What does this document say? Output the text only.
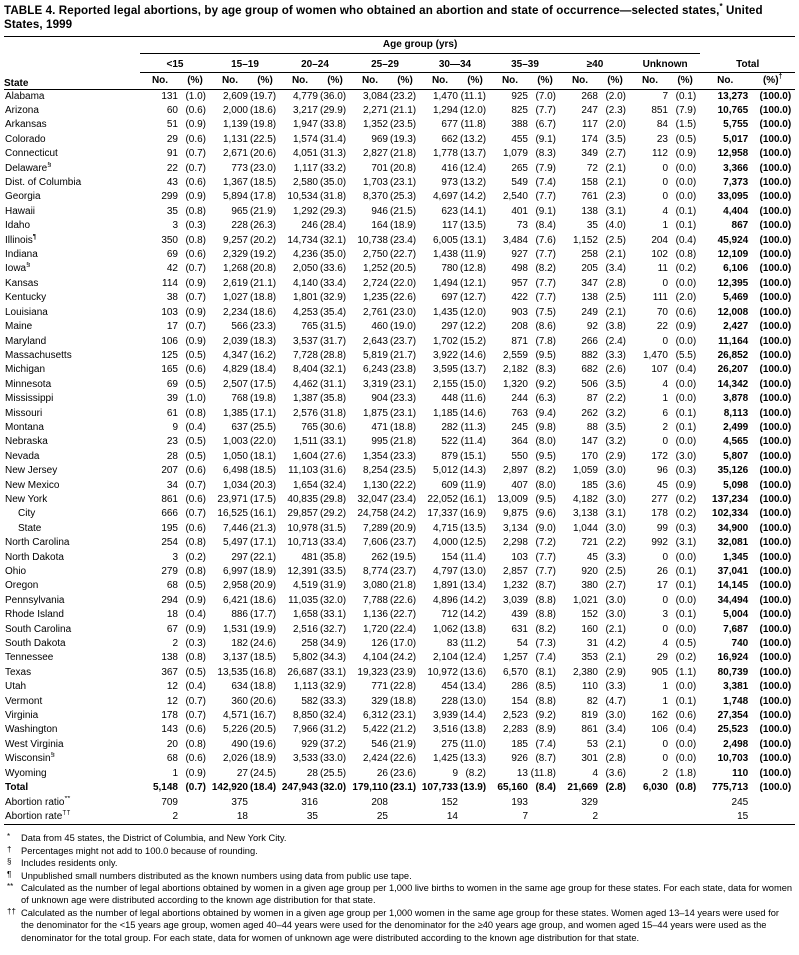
TABLE 4. Reported legal abortions, by age group of women who obtained an abortion and state of occurrence—selected states,* United States, 1999
State	Age group (yrs)																	

	<15		15–19		20–24		25–29		30—34		35–39		≥40		Unknown		Total	

	No.	(%)	No.	(%)	No.	(%)	No.	(%)	No.	(%)	No.	(%)	No.	(%)	No.	(%)	No.	(%)†
Alabama	131	(1.0)	2,609	(19.7)	4,779	(36.0)	3,084	(23.2)	1,470	(11.1)	925	(7.0)	268	(2.0)	7	(0.1)	13,273	(100.0)
Arizona	60	(0.6)	2,000	(18.6)	3,217	(29.9)	2,271	(21.1)	1,294	(12.0)	825	(7.7)	247	(2.3)	851	(7.9)	10,765	(100.0)
Arkansas	51	(0.9)	1,139	(19.8)	1,947	(33.8)	1,352	(23.5)	677	(11.8)	388	(6.7)	117	(2.0)	84	(1.5)	5,755	(100.0)
Colorado	29	(0.6)	1,131	(22.5)	1,574	(31.4)	969	(19.3)	662	(13.2)	455	(9.1)	174	(3.5)	23	(0.5)	5,017	(100.0)
Connecticut	91	(0.7)	2,671	(20.6)	4,051	(31.3)	2,827	(21.8)	1,778	(13.7)	1,079	(8.3)	349	(2.7)	112	(0.9)	12,958	(100.0)
Delaware§	22	(0.7)	773	(23.0)	1,117	(33.2)	701	(20.8)	416	(12.4)	265	(7.9)	72	(2.1)	0	(0.0)	3,366	(100.0)
Dist. of Columbia	43	(0.6)	1,367	(18.5)	2,580	(35.0)	1,703	(23.1)	973	(13.2)	549	(7.4)	158	(2.1)	0	(0.0)	7,373	(100.0)
Georgia	299	(0.9)	5,894	(17.8)	10,534	(31.8)	8,370	(25.3)	4,697	(14.2)	2,540	(7.7)	761	(2.3)	0	(0.0)	33,095	(100.0)
Hawaii	35	(0.8)	965	(21.9)	1,292	(29.3)	946	(21.5)	623	(14.1)	401	(9.1)	138	(3.1)	4	(0.1)	4,404	(100.0)
Idaho	3	(0.3)	228	(26.3)	246	(28.4)	164	(18.9)	117	(13.5)	73	(8.4)	35	(4.0)	1	(0.1)	867	(100.0)
Illinois¶	350	(0.8)	9,257	(20.2)	14,734	(32.1)	10,738	(23.4)	6,005	(13.1)	3,484	(7.6)	1,152	(2.5)	204	(0.4)	45,924	(100.0)
Indiana	69	(0.6)	2,329	(19.2)	4,236	(35.0)	2,750	(22.7)	1,438	(11.9)	927	(7.7)	258	(2.1)	102	(0.8)	12,109	(100.0)
Iowa§	42	(0.7)	1,268	(20.8)	2,050	(33.6)	1,252	(20.5)	780	(12.8)	498	(8.2)	205	(3.4)	11	(0.2)	6,106	(100.0)
Kansas	114	(0.9)	2,619	(21.1)	4,140	(33.4)	2,724	(22.0)	1,494	(12.1)	957	(7.7)	347	(2.8)	0	(0.0)	12,395	(100.0)
Kentucky	38	(0.7)	1,027	(18.8)	1,801	(32.9)	1,235	(22.6)	697	(12.7)	422	(7.7)	138	(2.5)	111	(2.0)	5,469	(100.0)
Louisiana	103	(0.9)	2,234	(18.6)	4,253	(35.4)	2,761	(23.0)	1,435	(12.0)	903	(7.5)	249	(2.1)	70	(0.6)	12,008	(100.0)
Maine	17	(0.7)	566	(23.3)	765	(31.5)	460	(19.0)	297	(12.2)	208	(8.6)	92	(3.8)	22	(0.9)	2,427	(100.0)
Maryland	106	(0.9)	2,039	(18.3)	3,537	(31.7)	2,643	(23.7)	1,702	(15.2)	871	(7.8)	266	(2.4)	0	(0.0)	11,164	(100.0)
Massachusetts	125	(0.5)	4,347	(16.2)	7,728	(28.8)	5,819	(21.7)	3,922	(14.6)	2,559	(9.5)	882	(3.3)	1,470	(5.5)	26,852	(100.0)
Michigan	165	(0.6)	4,829	(18.4)	8,404	(32.1)	6,243	(23.8)	3,595	(13.7)	2,182	(8.3)	682	(2.6)	107	(0.4)	26,207	(100.0)
Minnesota	69	(0.5)	2,507	(17.5)	4,462	(31.1)	3,319	(23.1)	2,155	(15.0)	1,320	(9.2)	506	(3.5)	4	(0.0)	14,342	(100.0)
Mississippi	39	(1.0)	768	(19.8)	1,387	(35.8)	904	(23.3)	448	(11.6)	244	(6.3)	87	(2.2)	1	(0.0)	3,878	(100.0)
Missouri	61	(0.8)	1,385	(17.1)	2,576	(31.8)	1,875	(23.1)	1,185	(14.6)	763	(9.4)	262	(3.2)	6	(0.1)	8,113	(100.0)
Montana	9	(0.4)	637	(25.5)	765	(30.6)	471	(18.8)	282	(11.3)	245	(9.8)	88	(3.5)	2	(0.1)	2,499	(100.0)
Nebraska	23	(0.5)	1,003	(22.0)	1,511	(33.1)	995	(21.8)	522	(11.4)	364	(8.0)	147	(3.2)	0	(0.0)	4,565	(100.0)
Nevada	28	(0.5)	1,050	(18.1)	1,604	(27.6)	1,354	(23.3)	879	(15.1)	550	(9.5)	170	(2.9)	172	(3.0)	5,807	(100.0)
New Jersey	207	(0.6)	6,498	(18.5)	11,103	(31.6)	8,254	(23.5)	5,012	(14.3)	2,897	(8.2)	1,059	(3.0)	96	(0.3)	35,126	(100.0)
New Mexico	34	(0.7)	1,034	(20.3)	1,654	(32.4)	1,130	(22.2)	609	(11.9)	407	(8.0)	185	(3.6)	45	(0.9)	5,098	(100.0)
New York	861	(0.6)	23,971	(17.5)	40,835	(29.8)	32,047	(23.4)	22,052	(16.1)	13,009	(9.5)	4,182	(3.0)	277	(0.2)	137,234	(100.0)
City	666	(0.7)	16,525	(16.1)	29,857	(29.2)	24,758	(24.2)	17,337	(16.9)	9,875	(9.6)	3,138	(3.1)	178	(0.2)	102,334	(100.0)
State	195	(0.6)	7,446	(21.3)	10,978	(31.5)	7,289	(20.9)	4,715	(13.5)	3,134	(9.0)	1,044	(3.0)	99	(0.3)	34,900	(100.0)
North Carolina	254	(0.8)	5,497	(17.1)	10,713	(33.4)	7,606	(23.7)	4,000	(12.5)	2,298	(7.2)	721	(2.2)	992	(3.1)	32,081	(100.0)
North Dakota	3	(0.2)	297	(22.1)	481	(35.8)	262	(19.5)	154	(11.4)	103	(7.7)	45	(3.3)	0	(0.0)	1,345	(100.0)
Ohio	279	(0.8)	6,997	(18.9)	12,391	(33.5)	8,774	(23.7)	4,797	(13.0)	2,857	(7.7)	920	(2.5)	26	(0.1)	37,041	(100.0)
Oregon	68	(0.5)	2,958	(20.9)	4,519	(31.9)	3,080	(21.8)	1,891	(13.4)	1,232	(8.7)	380	(2.7)	17	(0.1)	14,145	(100.0)
Pennsylvania	294	(0.9)	6,421	(18.6)	11,035	(32.0)	7,788	(22.6)	4,896	(14.2)	3,039	(8.8)	1,021	(3.0)	0	(0.0)	34,494	(100.0)
Rhode Island	18	(0.4)	886	(17.7)	1,658	(33.1)	1,136	(22.7)	712	(14.2)	439	(8.8)	152	(3.0)	3	(0.1)	5,004	(100.0)
South Carolina	67	(0.9)	1,531	(19.9)	2,516	(32.7)	1,720	(22.4)	1,062	(13.8)	631	(8.2)	160	(2.1)	0	(0.0)	7,687	(100.0)
South Dakota	2	(0.3)	182	(24.6)	258	(34.9)	126	(17.0)	83	(11.2)	54	(7.3)	31	(4.2)	4	(0.5)	740	(100.0)
Tennessee	138	(0.8)	3,137	(18.5)	5,802	(34.3)	4,104	(24.2)	2,104	(12.4)	1,257	(7.4)	353	(2.1)	29	(0.2)	16,924	(100.0)
Texas	367	(0.5)	13,535	(16.8)	26,687	(33.1)	19,323	(23.9)	10,972	(13.6)	6,570	(8.1)	2,380	(2.9)	905	(1.1)	80,739	(100.0)
Utah	12	(0.4)	634	(18.8)	1,113	(32.9)	771	(22.8)	454	(13.4)	286	(8.5)	110	(3.3)	1	(0.0)	3,381	(100.0)
Vermont	12	(0.7)	360	(20.6)	582	(33.3)	329	(18.8)	228	(13.0)	154	(8.8)	82	(4.7)	1	(0.1)	1,748	(100.0)
Virginia	178	(0.7)	4,571	(16.7)	8,850	(32.4)	6,312	(23.1)	3,939	(14.4)	2,523	(9.2)	819	(3.0)	162	(0.6)	27,354	(100.0)
Washington	143	(0.6)	5,226	(20.5)	7,966	(31.2)	5,422	(21.2)	3,516	(13.8)	2,283	(8.9)	861	(3.4)	106	(0.4)	25,523	(100.0)
West Virginia	20	(0.8)	490	(19.6)	929	(37.2)	546	(21.9)	275	(11.0)	185	(7.4)	53	(2.1)	0	(0.0)	2,498	(100.0)
Wisconsin§	68	(0.6)	2,026	(18.9)	3,533	(33.0)	2,424	(22.6)	1,425	(13.3)	926	(8.7)	301	(2.8)	0	(0.0)	10,703	(100.0)
Wyoming	1	(0.9)	27	(24.5)	28	(25.5)	26	(23.6)	9	(8.2)	13	(11.8)	4	(3.6)	2	(1.8)	110	(100.0)
Total	5,148	(0.7)	142,920	(18.4)	247,943	(32.0)	179,110	(23.1)	107,733	(13.9)	65,160	(8.4)	21,669	(2.8)	6,030	(0.8)	775,713	(100.0)
Abortion ratio**	709		375		316		208		152		193		329				245	
Abortion rate††	2		18		35		25		14		7		2				15	
*	Data from 45 states, the District of Columbia, and New York City.
†	Percentages might not add to 100.0 because of rounding.
§	Includes residents only.
¶	Unpublished small numbers distributed as the known numbers using data from public use tape.
** Calculated as the number of legal abortions obtained by women in a given age group per 1,000 live births to women in the same age group for these states. For each state, data for women of unknown age were distributed according to the known age distribution for that state.
†† Calculated as the number of legal abortions obtained by women in a given age group per 1,000 women in the same age group for these states. Women aged 13–14 years were used for the denominator for the <15 years age group, women aged 40–44 years were used for the denominator for the ≥40 years age group, and women aged 15–44 years were used as the denominator for the total group. For each state, data for women of unknown age were distributed according to the known age distribution for that state.
